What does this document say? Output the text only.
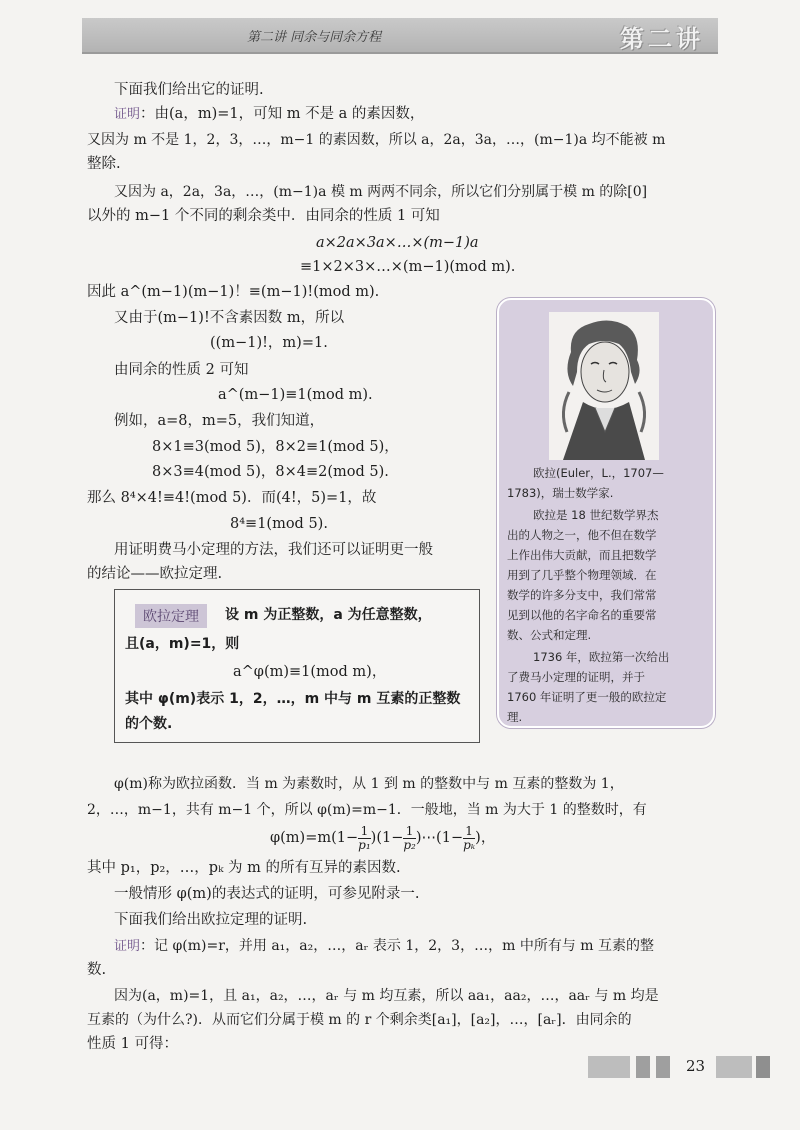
第二讲 同余与同余方程	第二讲
下面我们给出它的证明.
证明：由(a，m)=1，可知 m 不是 a 的素因数，
又因为 m 不是 1，2，3，…，m−1 的素因数，所以 a，2a，3a，…，(m−1)a 均不能被 m
整除.
又因为 a，2a，3a，…，(m−1)a 模 m 两两不同余，所以它们分别属于模 m 的除[0]
以外的 m−1 个不同的剩余类中．由同余的性质 1 可知
a×2a×3a×…×(m−1)a
≡1×2×3×…×(m−1)(mod m).
因此 a^(m−1)(m−1)！≡(m−1)!(mod m).
又由于(m−1)!不含素因数 m，所以
((m−1)!，m)=1.
由同余的性质 2 可知
a^(m−1)≡1(mod m).
例如，a=8，m=5，我们知道，
8×1≡3(mod 5)，8×2≡1(mod 5)，
8×3≡4(mod 5)，8×4≡2(mod 5).
那么 8⁴×4!≡4!(mod 5)．而(4!，5)=1，故
8⁴≡1(mod 5).
用证明费马小定理的方法，我们还可以证明更一般
的结论——欧拉定理.
欧拉定理	设 m 为正整数，a 为任意整数，
且(a，m)=1，则
a^φ(m)≡1(mod m)，
其中 φ(m)表示 1，2，…，m 中与 m 互素的正整数
的个数.
欧拉(Euler，L.，1707—
1783)，瑞士数学家.
欧拉是 18 世纪数学界杰
出的人物之一，他不但在数学
上作出伟大贡献，而且把数学
用到了几乎整个物理领域．在
数学的许多分支中，我们常常
见到以他的名字命名的重要常
数、公式和定理.
1736 年，欧拉第一次给出
了费马小定理的证明，并于
1760 年证明了更一般的欧拉定
理.
φ(m)称为欧拉函数．当 m 为素数时，从 1 到 m 的整数中与 m 互素的整数为 1，
2，…，m−1，共有 m−1 个，所以 φ(m)=m−1．一般地，当 m 为大于 1 的整数时，有
$\varphi(m)=m(1- \frac{1}{\text{p₁}} )(1- \frac{1}{\text{p₂}}$ )⋯(1− $\frac{1}{\text{pₖ}}$ )，
其中 p₁，p₂，…，pₖ 为 m 的所有互异的素因数.
一般情形 φ(m)的表达式的证明，可参见附录一.
下面我们给出欧拉定理的证明.
证明：记 φ(m)=r，并用 a₁，a₂，…，aᵣ 表示 1，2，3，…，m 中所有与 m 互素的整
数.
因为(a，m)=1，且 a₁，a₂，…，aᵣ 与 m 均互素，所以 aa₁，aa₂，…，aaᵣ 与 m 均是
互素的（为什么?)．从而它们分属于模 m 的 r 个剩余类[a₁]，[a₂]，…，[aᵣ]．由同余的
性质 1 可得：
23
